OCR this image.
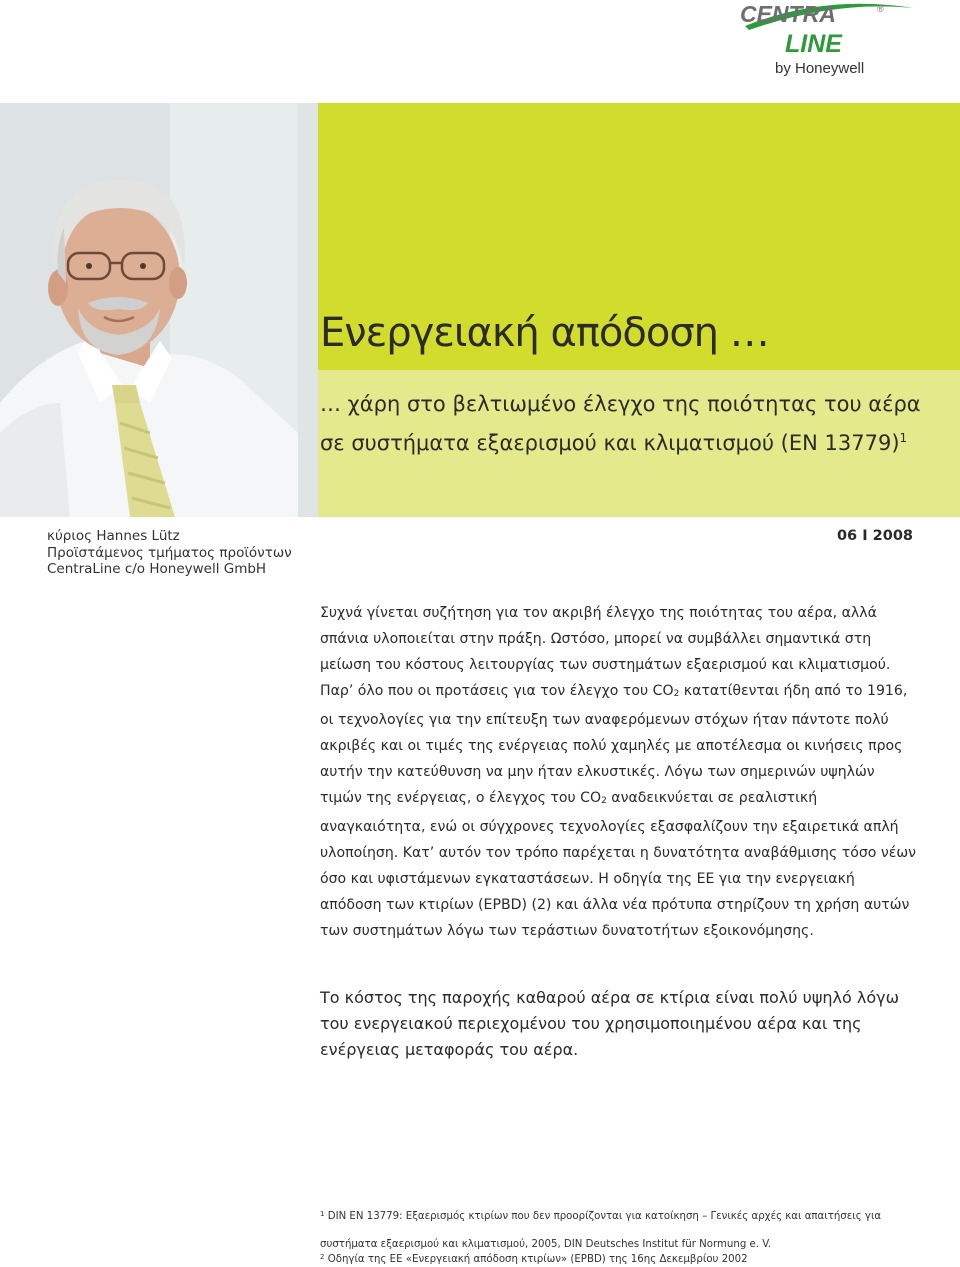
CENTRA	®
LINE
by Honeywell
Ενεργειακή απόδοση …

… χάρη στο βελτιωμένο έλεγχο της ποιότητας του αέρα σε συστήματα εξαερισμού και κλιματισμού (EN 13779)$^1$

κύριος Hannes Lütz
Προϊστάμενος τμήματος προϊόντων
CentraLine c/o Honeywell GmbH
06 I 2008

Συχνά γίνεται συζήτηση για τον ακριβή έλεγχο της ποιότητας του αέρα, αλλά σπάνια υλοποιείται στην πράξη. Ωστόσο, μπορεί να συμβάλλει σημαντικά στη μείωση του κόστους λειτουργίας των συστημάτων εξαερισμού και κλιματισμού.

Παρ’ όλο που οι προτάσεις για τον έλεγχο του CO2 κατατίθενται ήδη από το 1916, οι τεχνολογίες για την επίτευξη των αναφερόμενων στόχων ήταν πάντοτε πολύ ακριβές και οι τιμές της ενέργειας πολύ χαμηλές με αποτέλεσμα οι κινήσεις προς αυτήν την κατεύθυνση να μην ήταν ελκυστικές. Λόγω των σημερινών υψηλών τιμών της ενέργειας, ο έλεγχος του CO2 αναδεικνύεται σε ρεαλιστική αναγκαιότητα, ενώ οι σύγχρονες τεχνολογίες εξασφαλίζουν την εξαιρετικά απλή υλοποίηση. Κατ’ αυτόν τον τρόπο παρέχεται η δυνατότητα αναβάθμισης τόσο νέων όσο και υφιστάμενων εγκαταστάσεων. Η οδηγία της ΕΕ για την ενεργειακή απόδοση των κτιρίων (EPBD) (2) και άλλα νέα πρότυπα στηρίζουν τη χρήση αυτών των συστημάτων λόγω των τεράστιων δυνατοτήτων εξοικονόμησης.

Το κόστος της παροχής καθαρού αέρα σε κτίρια είναι πολύ υψηλό λόγω του ενεργειακού περιεχομένου του χρησιμοποιημένου αέρα και της ενέργειας μεταφοράς του αέρα.

$^1$ DIN EN 13779: Εξαερισμός κτιρίων που δεν προορίζονται για κατοίκηση – Γενικές αρχές και απαιτήσεις για συστήματα εξαερισμού και κλιματισμού, 2005, DIN Deutsches Institut für Normung e. V.
$^2$ Οδηγία της ΕΕ «Ενεργειακή απόδοση κτιρίων» (EPBD) της 16ης Δεκεμβρίου 2002
